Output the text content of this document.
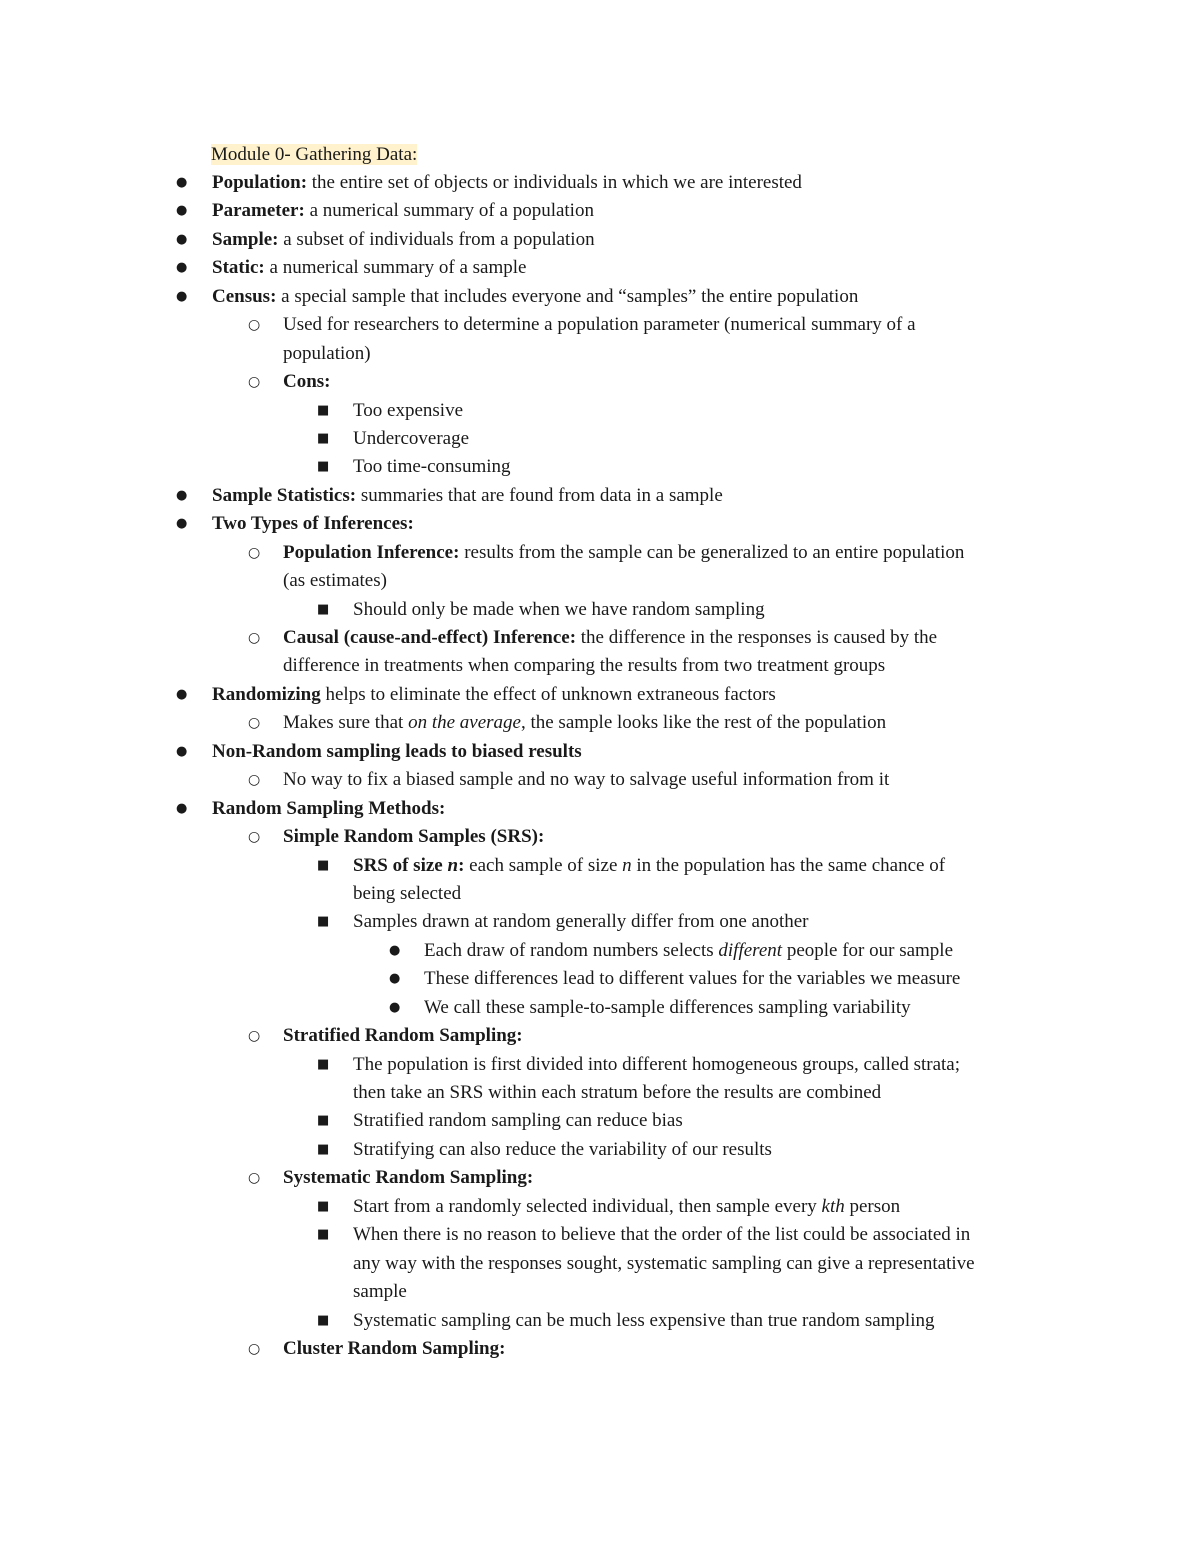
Module 0- Gathering Data:
● Population: the entire set of objects or individuals in which we are interested
● Parameter: a numerical summary of a population
● Sample: a subset of individuals from a population
● Static: a numerical summary of a sample
● Census: a special sample that includes everyone and “samples” the entire population
○ Used for researchers to determine a population parameter (numerical summary of a
population)
○ Cons:
■ Too expensive
■ Undercoverage
■ Too time-consuming
● Sample Statistics: summaries that are found from data in a sample
● Two Types of Inferences:
○ Population Inference: results from the sample can be generalized to an entire population
(as estimates)
■ Should only be made when we have random sampling
○ Causal (cause-and-effect) Inference: the difference in the responses is caused by the
difference in treatments when comparing the results from two treatment groups
● Randomizing helps to eliminate the effect of unknown extraneous factors
○ Makes sure that on the average, the sample looks like the rest of the population
● Non-Random sampling leads to biased results
○ No way to fix a biased sample and no way to salvage useful information from it
● Random Sampling Methods:
○ Simple Random Samples (SRS):
■ SRS of size n: each sample of size n in the population has the same chance of
being selected
■ Samples drawn at random generally differ from one another
● Each draw of random numbers selects different people for our sample
● These differences lead to different values for the variables we measure
● We call these sample-to-sample differences sampling variability
○ Stratified Random Sampling:
■ The population is first divided into different homogeneous groups, called strata;
then take an SRS within each stratum before the results are combined
■ Stratified random sampling can reduce bias
■ Stratifying can also reduce the variability of our results
○ Systematic Random Sampling:
■ Start from a randomly selected individual, then sample every kth person
■ When there is no reason to believe that the order of the list could be associated in
any way with the responses sought, systematic sampling can give a representative
sample
■ Systematic sampling can be much less expensive than true random sampling
○ Cluster Random Sampling:
